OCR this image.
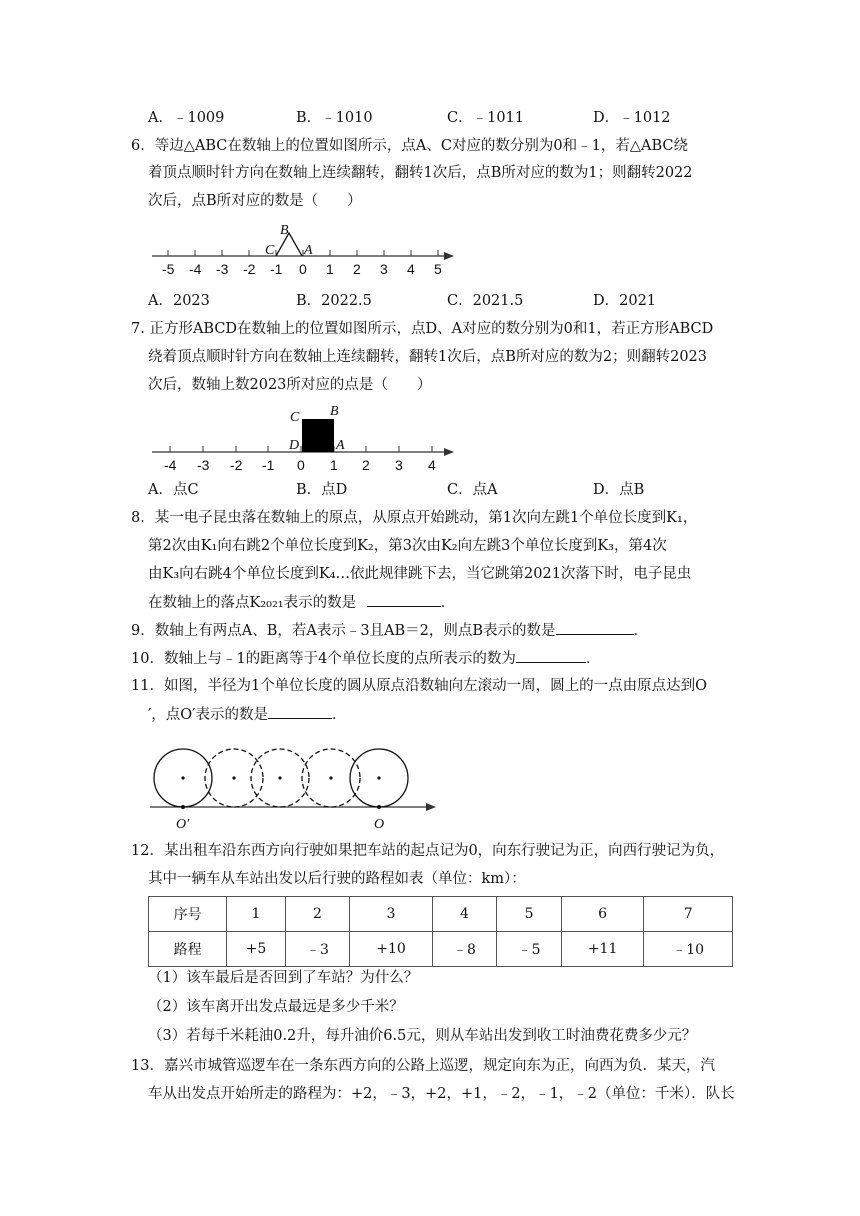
A．﹣1009	B．﹣1010	C．﹣1011	D．﹣1012
6．等边△ABC在数轴上的位置如图所示，点A、C对应的数分别为0和﹣1，若△ABC绕
着顶点顺时针方向在数轴上连续翻转，翻转1次后，点B所对应的数为1；则翻转2022
次后，点B所对应的数是（　　）
-5 -4 -3 -2 -1 0 1 2 3 4 5
B
C A
A．2023	B．2022.5	C．2021.5	D．2021
7. 正方形ABCD在数轴上的位置如图所示，点D、A对应的数分别为0和1，若正方形ABCD
绕着顶点顺时针方向在数轴上连续翻转，翻转1次后，点B所对应的数为2；则翻转2023
次后，数轴上数2023所对应的点是（　　）
-4 -3 -2 -1 0 1 2 3 4
C B
D	A
A．点C	B．点D	C．点A	D．点B
8．某一电子昆虫落在数轴上的原点，从原点开始跳动，第1次向左跳1个单位长度到K₁，
第2次由K₁向右跳2个单位长度到K₂，第3次由K₂向左跳3个单位长度到K₃，第4次
由K₃向右跳4个单位长度到K₄…依此规律跳下去，当它跳第2021次落下时，电子昆虫
在数轴上的落点K₂₀₂₁表示的数是	．
9．数轴上有两点A、B，若A表示﹣3且AB＝2，则点B表示的数是	．
10．数轴上与﹣1的距离等于4个单位长度的点所表示的数为	．
11．如图，半径为1个单位长度的圆从原点沿数轴向左滚动一周，圆上的一点由原点达到O
′，点O′表示的数是	．
O′	O
12．某出租车沿东西方向行驶如果把车站的起点记为0，向东行驶记为正，向西行驶记为负，
其中一辆车从车站出发以后行驶的路程如表（单位：km）：
序号	1	2	3	4	5	6	7
路程	+5	﹣3	+10	﹣8	﹣5	+11	﹣10
（1）该车最后是否回到了车站？为什么？
（2）该车离开出发点最远是多少千米？
（3）若每千米耗油0.2升，每升油价6.5元，则从车站出发到收工时油费花费多少元？
13．嘉兴市城管巡逻车在一条东西方向的公路上巡逻，规定向东为正，向西为负．某天，汽
车从出发点开始所走的路程为：+2，﹣3，+2，+1，﹣2，﹣1，﹣2（单位：千米）．队长
